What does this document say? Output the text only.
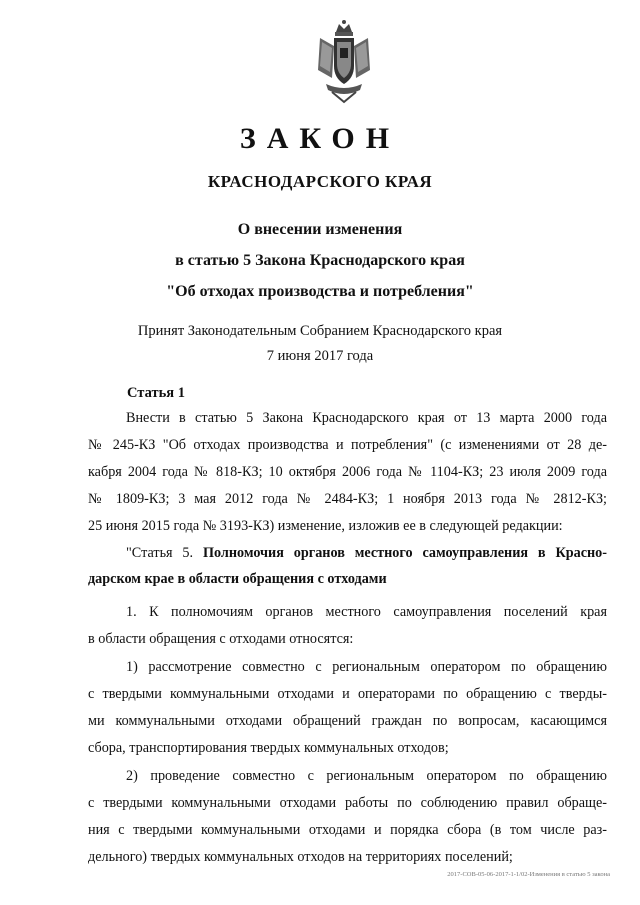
ЗАКОН
КРАСНОДАРСКОГО КРАЯ
О внесении изменения
в статью 5 Закона Краснодарского края
"Об отходах производства и потребления"
Принят Законодательным Собранием Краснодарского края
7 июня 2017 года
Статья 1
Внести в статью 5 Закона Краснодарского края от 13 марта 2000 года
№ 245-КЗ "Об отходах производства и потребления" (с изменениями от 28 де-
кабря 2004 года № 818-КЗ; 10 октября 2006 года № 1104-КЗ; 23 июля 2009 года
№ 1809-КЗ; 3 мая 2012 года № 2484-КЗ; 1 ноября 2013 года № 2812-КЗ;
25 июня 2015 года № 3193-КЗ) изменение, изложив ее в следующей редакции:
"Статья 5. Полномочия органов местного самоуправления в Красно-
дарском крае в области обращения с отходами
1. К полномочиям органов местного самоуправления поселений края
в области обращения с отходами относятся:
1) рассмотрение совместно с региональным оператором по обращению
с твердыми коммунальными отходами и операторами по обращению с тверды-
ми коммунальными отходами обращений граждан по вопросам, касающимся
сбора, транспортирования твердых коммунальных отходов;
2) проведение совместно с региональным оператором по обращению
с твердыми коммунальными отходами работы по соблюдению правил обраще-
ния с твердыми коммунальными отходами и порядка сбора (в том числе раз-
дельного) твердых коммунальных отходов на территориях поселений;
2017-СОВ-05-06-2017-1-1/02-Изменения в статью 5 закона
